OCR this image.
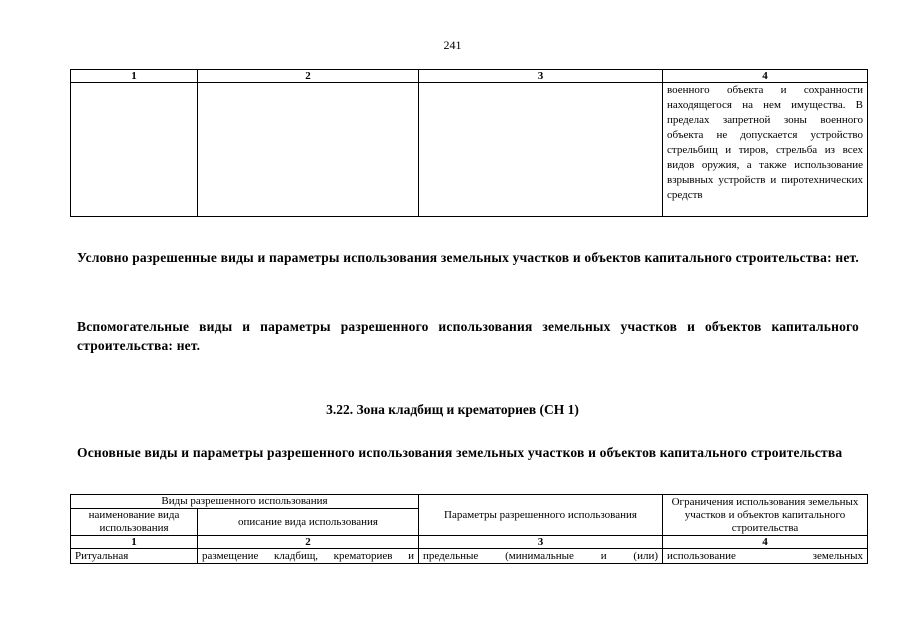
241
1	2	3	4
			военного объекта и сохранности находящегося на нем имущества. В пределах запретной зоны военного объекта не допускается устройство стрельбищ и тиров, стрельба из всех видов оружия, а также использование взрывных устройств и пиротехнических средств
Условно разрешенные виды и параметры использования земельных участков и объектов капитального строительства: нет.
Вспомогательные виды и параметры разрешенного использования земельных участков и объектов капитального строительства: нет.
3.22. Зона кладбищ и крематориев (СН 1)
Основные виды и параметры разрешенного использования земельных участков и объектов капитального строительства
Виды разрешенного использования		Параметры разрешенного использования	Ограничения использования земельных участков и объектов капитального строительства
наименование вида использования	описание вида использования		
1	2	3	4
Ритуальная	размещение кладбищ, крематориев и	предельные (минимальные и (или)	использование земельных
